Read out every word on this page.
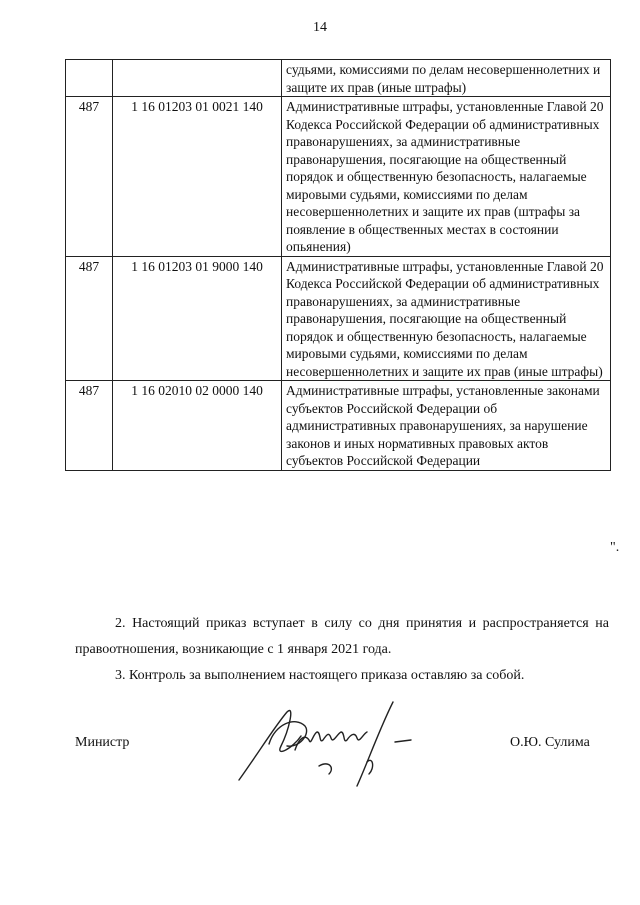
14
		судьями, комиссиями по делам несовершеннолетних и защите их прав (иные штрафы)
487	1 16 01203 01 0021 140	Административные штрафы, установленные Главой 20 Кодекса Российской Федерации об административных правонарушениях, за административные правонарушения, посягающие на общественный порядок и общественную безопасность, налагаемые мировыми судьями, комиссиями по делам несовершеннолетних и защите их прав (штрафы за появление в общественных местах в состоянии опьянения)
487	1 16 01203 01 9000 140	Административные штрафы, установленные Главой 20 Кодекса Российской Федерации об административных правонарушениях, за административные правонарушения, посягающие на общественный порядок и общественную безопасность, налагаемые мировыми судьями, комиссиями по делам несовершеннолетних и защите их прав (иные штрафы)
487	1 16 02010 02 0000 140	Административные штрафы, установленные законами субъектов Российской Федерации об административных правонарушениях, за нарушение законов и иных нормативных правовых актов субъектов Российской Федерации
".
2. Настоящий приказ вступает в силу со дня принятия и распространяется на правоотношения, возникающие с 1 января 2021 года.
3. Контроль за выполнением настоящего приказа оставляю за собой.
Министр	О.Ю. Сулима
